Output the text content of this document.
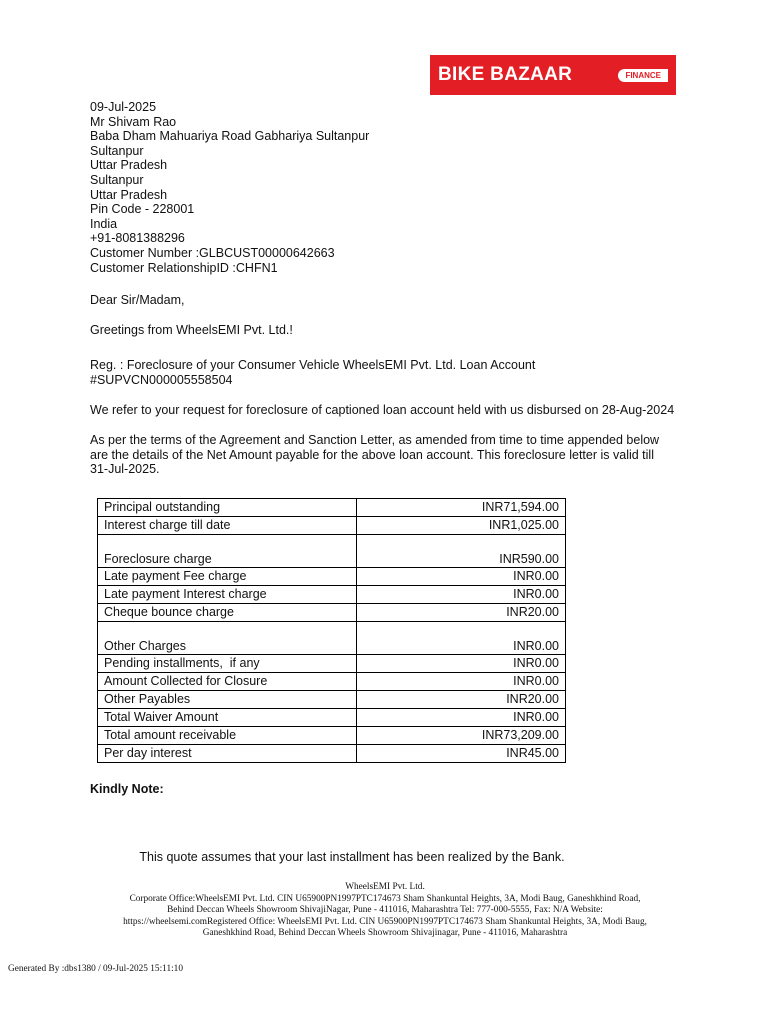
BIKE BAZAAR	FINANCE
09-Jul-2025
Mr Shivam Rao
Baba Dham Mahuariya Road Gabhariya Sultanpur
Sultanpur
Uttar Pradesh
Sultanpur
Uttar Pradesh
Pin Code - 228001
India
+91-8081388296
Customer Number :GLBCUST00000642663
Customer RelationshipID :CHFN1
Dear Sir/Madam,
Greetings from WheelsEMI Pvt. Ltd.!
Reg. : Foreclosure of your Consumer Vehicle WheelsEMI Pvt. Ltd. Loan Account
#SUPVCN000005558504
We refer to your request for foreclosure of captioned loan account held with us disbursed on 28-Aug-2024
As per the terms of the Agreement and Sanction Letter, as amended from time to time appended below
are the details of the Net Amount payable for the above loan account. This foreclosure letter is valid till
31-Jul-2025.
Principal outstanding	INR71,594.00
Interest charge till date	INR1,025.00
Foreclosure charge	INR590.00
Late payment Fee charge	INR0.00
Late payment Interest charge	INR0.00
Cheque bounce charge	INR20.00
Other Charges	INR0.00
Pending installments,  if any	INR0.00
Amount Collected for Closure	INR0.00
Other Payables	INR20.00
Total Waiver Amount	INR0.00
Total amount receivable	INR73,209.00
Per day interest	INR45.00
Kindly Note:
This quote assumes that your last installment has been realized by the Bank.
WheelsEMI Pvt. Ltd.
Corporate Office:WheelsEMI Pvt. Ltd. CIN U65900PN1997PTC174673 Sham Shankuntal Heights, 3A, Modi Baug, Ganeshkhind Road,
Behind Deccan Wheels Showroom ShivajiNagar, Pune - 411016, Maharashtra Tel: 777-000-5555, Fax: N/A Website:
https://wheelsemi.comRegistered Office: WheelsEMI Pvt. Ltd. CIN U65900PN1997PTC174673 Sham Shankuntal Heights, 3A, Modi Baug,
Ganeshkhind Road, Behind Deccan Wheels Showroom Shivajinagar, Pune - 411016, Maharashtra
Generated By :dbs1380 / 09-Jul-2025 15:11:10
